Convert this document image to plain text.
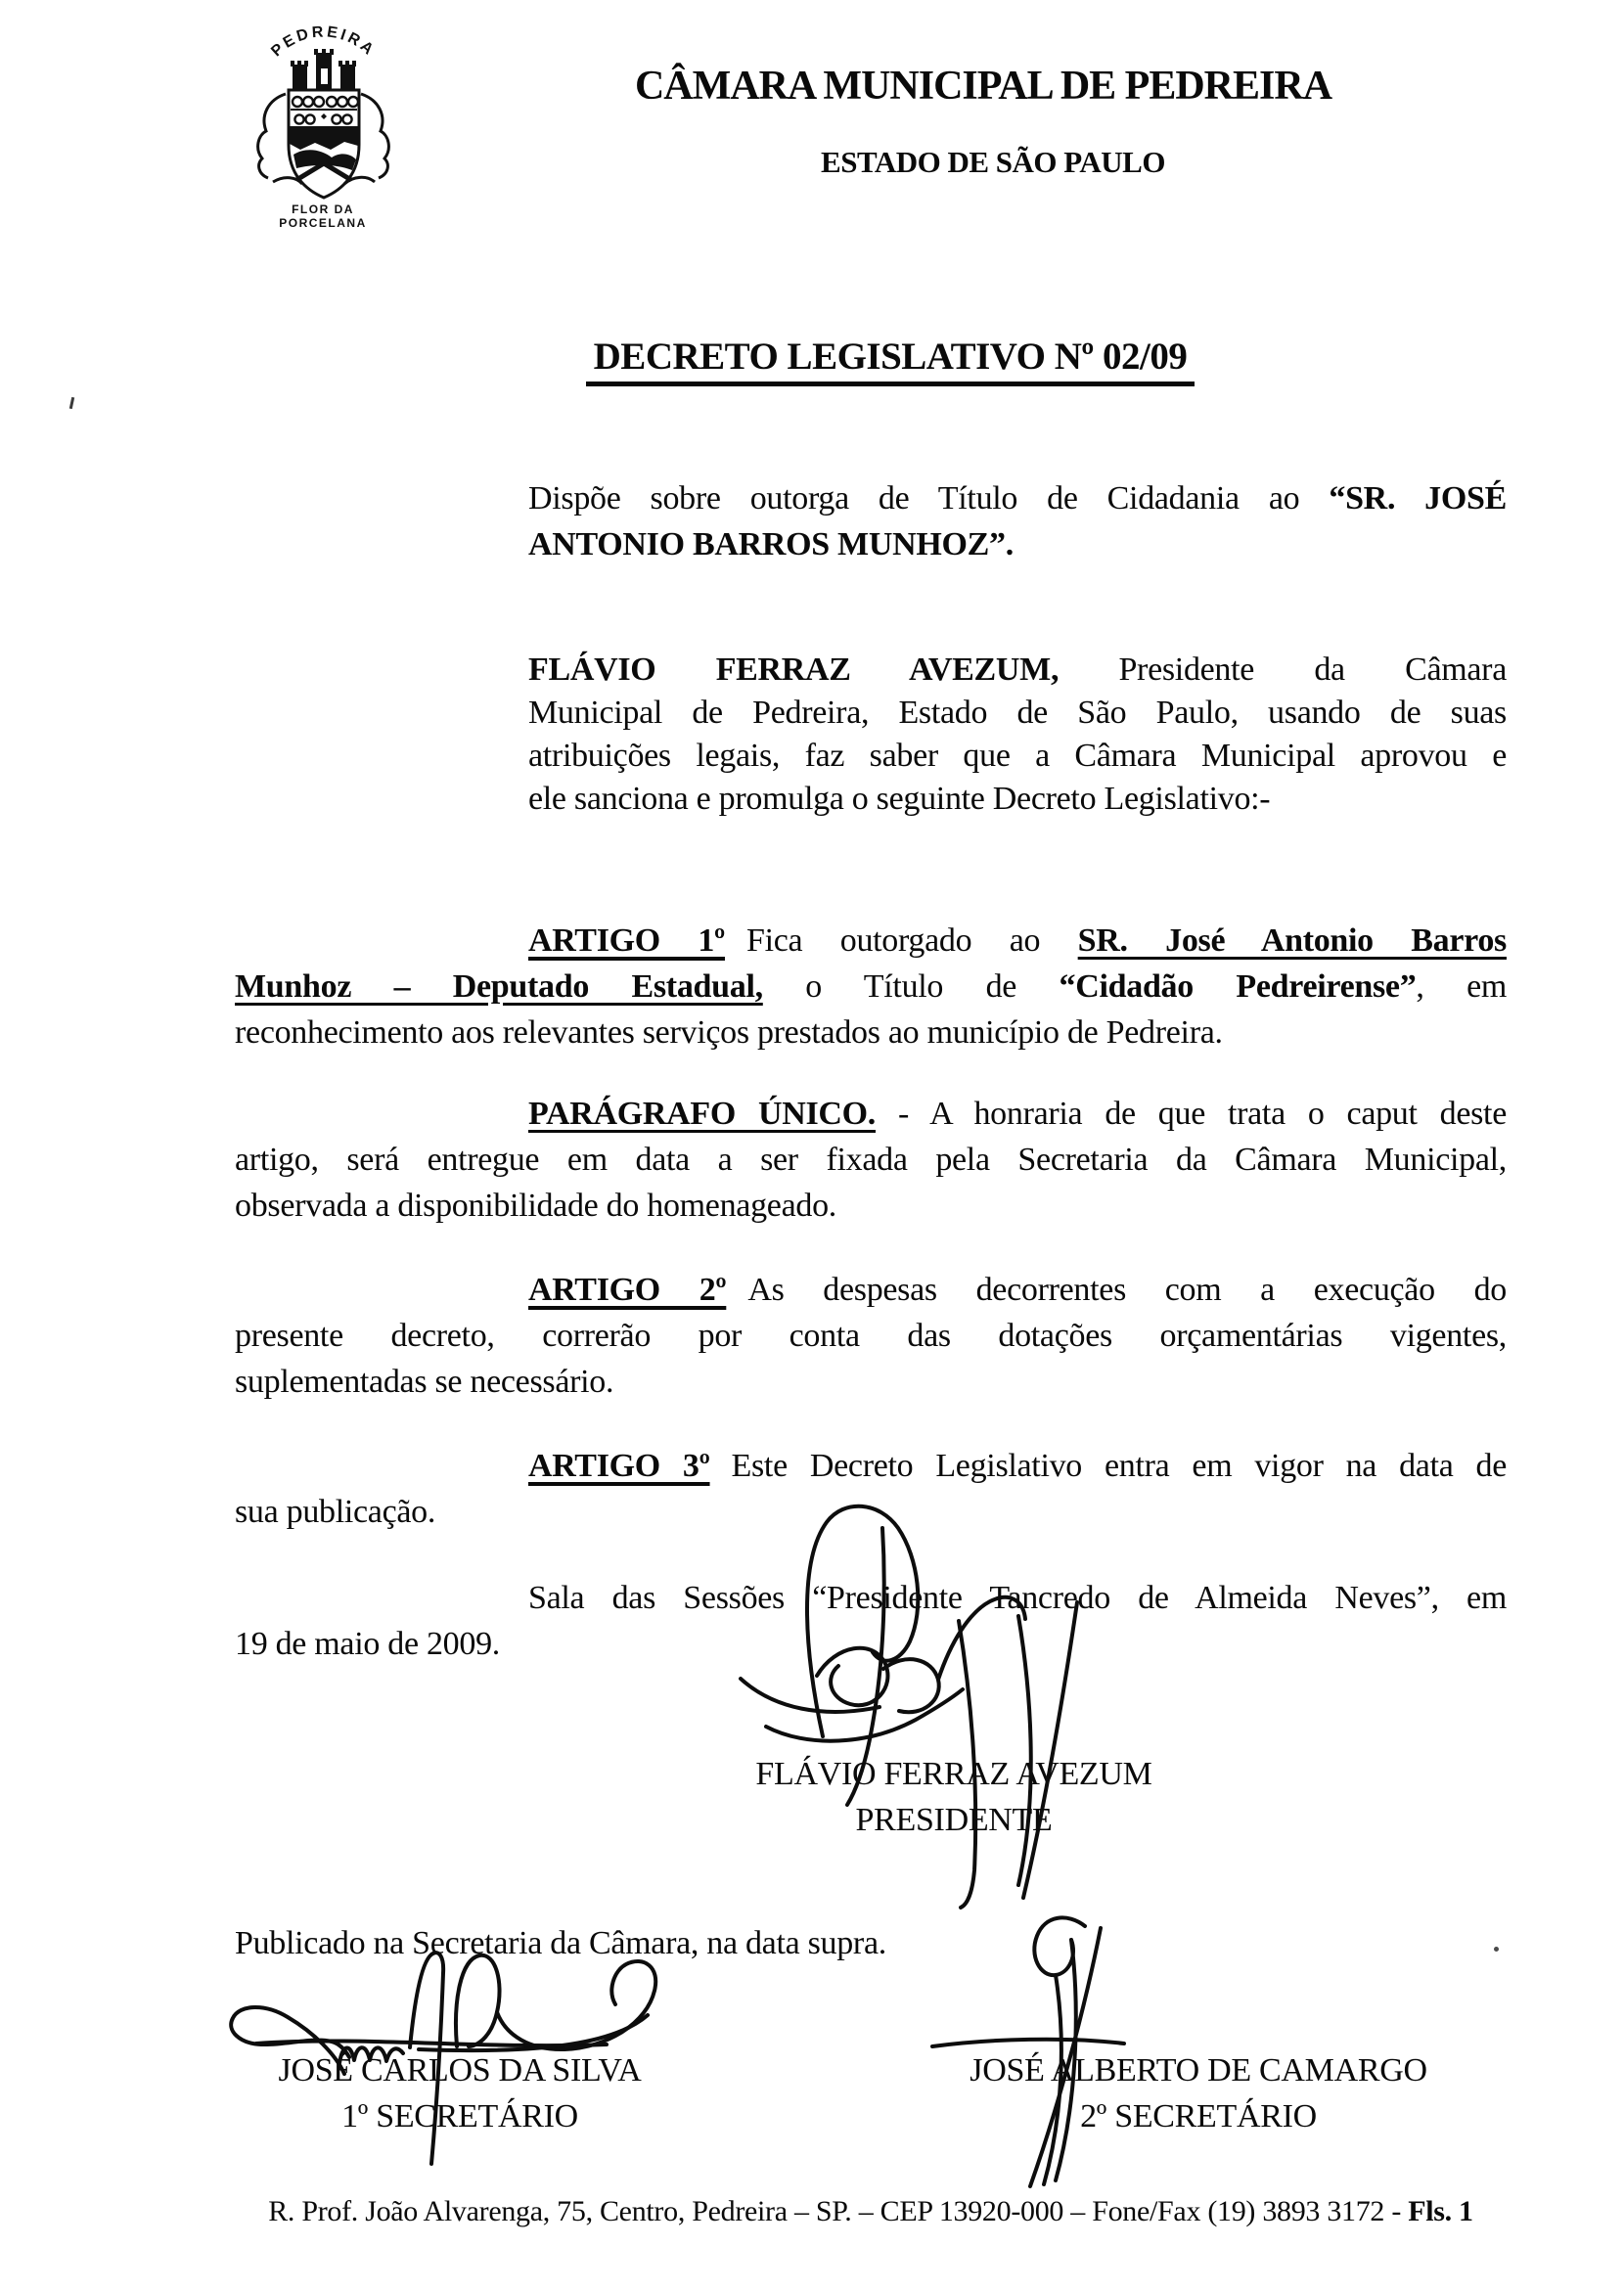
PEDREIRA
FLOR DA
PORCELANA
CÂMARA MUNICIPAL DE PEDREIRA
ESTADO DE SÃO PAULO
DECRETO LEGISLATIVO Nº 02/09
Dispõe sobre outorga de Título de Cidadania ao “SR. JOSÉ
ANTONIO BARROS MUNHOZ”.
FLÁVIO FERRAZ AVEZUM, Presidente da Câmara
Municipal de Pedreira, Estado de São Paulo, usando de suas
atribuições legais, faz saber que a Câmara Municipal aprovou e
ele sanciona e promulga o seguinte Decreto Legislativo:-
ARTIGO 1º Fica outorgado ao SR. José Antonio Barros
Munhoz – Deputado Estadual, o Título de “Cidadão Pedreirense”, em
reconhecimento aos relevantes serviços prestados ao município de Pedreira.
PARÁGRAFO ÚNICO. - A honraria de que trata o caput deste
artigo, será entregue em data a ser fixada pela Secretaria da Câmara Municipal,
observada a disponibilidade do homenageado.
ARTIGO 2º As despesas decorrentes com a execução do
presente decreto, correrão por conta das dotações orçamentárias vigentes,
suplementadas se necessário.
ARTIGO 3º Este Decreto Legislativo entra em vigor na data de
sua publicação.
Sala das Sessões “Presidente Tancredo de Almeida Neves”, em
19 de maio de 2009.
FLÁVIO FERRAZ AVEZUM
PRESIDENTE
Publicado na Secretaria da Câmara, na data supra.
JOSÉ CARLOS DA SILVA
1º SECRETÁRIO
JOSÉ ALBERTO DE CAMARGO
2º SECRETÁRIO
R. Prof. João Alvarenga, 75, Centro, Pedreira – SP. – CEP 13920-000 – Fone/Fax (19) 3893 3172 - Fls. 1
